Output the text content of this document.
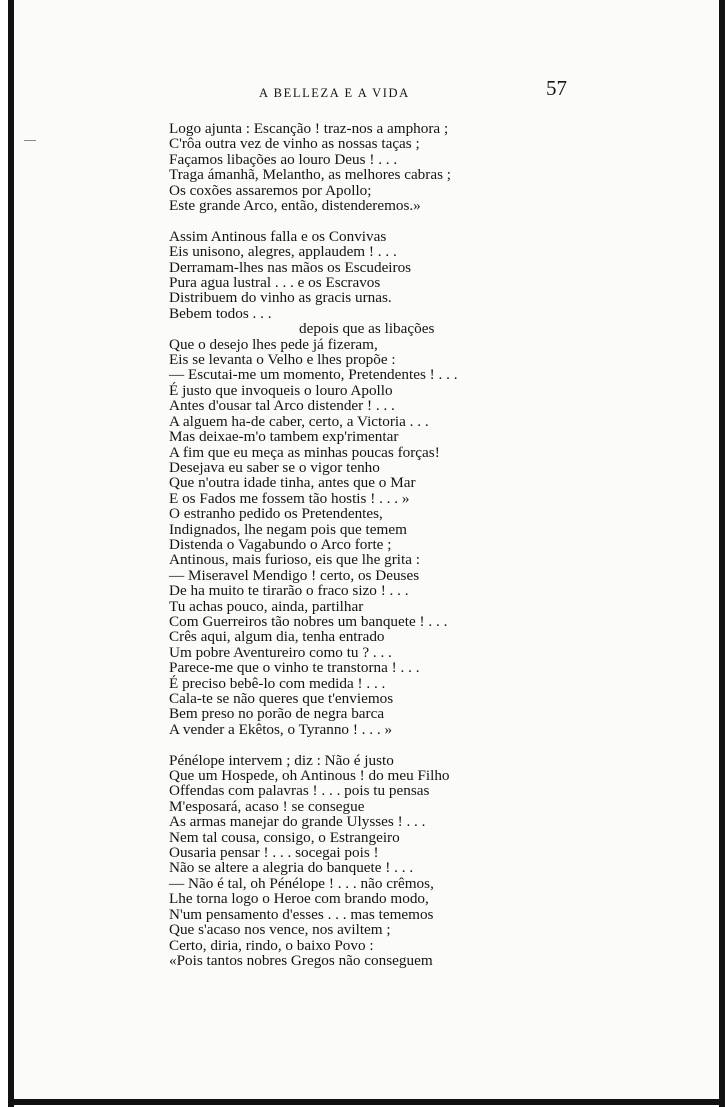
A BELLEZA E A VIDA	57
Logo ajunta : Escanção ! traz-nos a amphora ;
C'rôa outra vez de vinho as nossas taças ;
Façamos libações ao louro Deus ! . . .
Traga ámanhã, Melantho, as melhores cabras ;
Os coxões assaremos por Apollo;
Este grande Arco, então, distenderemos.»
Assim Antinous falla e os Convivas
Eis unisono, alegres, applaudem ! . . .
Derramam-lhes nas mãos os Escudeiros
Pura agua lustral . . . e os Escravos
Distribuem do vinho as gracis urnas.
Bebem todos . . .
depois que as libações
Que o desejo lhes pede já fizeram,
Eis se levanta o Velho e lhes propõe :
— Escutai-me um momento, Pretendentes ! . . .
É justo que invoqueis o louro Apollo
Antes d'ousar tal Arco distender ! . . .
A alguem ha-de caber, certo, a Victoria . . .
Mas deixae-m'o tambem exp'rimentar
A fim que eu meça as minhas poucas forças!
Desejava eu saber se o vigor tenho
Que n'outra idade tinha, antes que o Mar
E os Fados me fossem tão hostis ! . . . »
O estranho pedido os Pretendentes,
Indignados, lhe negam pois que temem
Distenda o Vagabundo o Arco forte ;
Antinous, mais furioso, eis que lhe grita :
— Miseravel Mendigo ! certo, os Deuses
De ha muito te tirarão o fraco sizo ! . . .
Tu achas pouco, ainda, partilhar
Com Guerreiros tão nobres um banquete ! . . .
Crês aqui, algum dia, tenha entrado
Um pobre Aventureiro como tu ? . . .
Parece-me que o vinho te transtorna ! . . .
É preciso bebê-lo com medida ! . . .
Cala-te se não queres que t'enviemos
Bem preso no porão de negra barca
A vender a Ekêtos, o Tyranno ! . . . »
Pénélope intervem ; diz : Não é justo
Que um Hospede, oh Antinous ! do meu Filho
Offendas com palavras ! . . . pois tu pensas
M'esposará, acaso ! se consegue
As armas manejar do grande Ulysses ! . . .
Nem tal cousa, consigo, o Estrangeiro
Ousaria pensar ! . . . socegai pois !
Não se altere a alegria do banquete ! . . .
— Não é tal, oh Pénélope ! . . . não crêmos,
Lhe torna logo o Heroe com brando modo,
N'um pensamento d'esses . . . mas tememos
Que s'acaso nos vence, nos aviltem ;
Certo, diria, rindo, o baixo Povo :
«Pois tantos nobres Gregos não conseguem
